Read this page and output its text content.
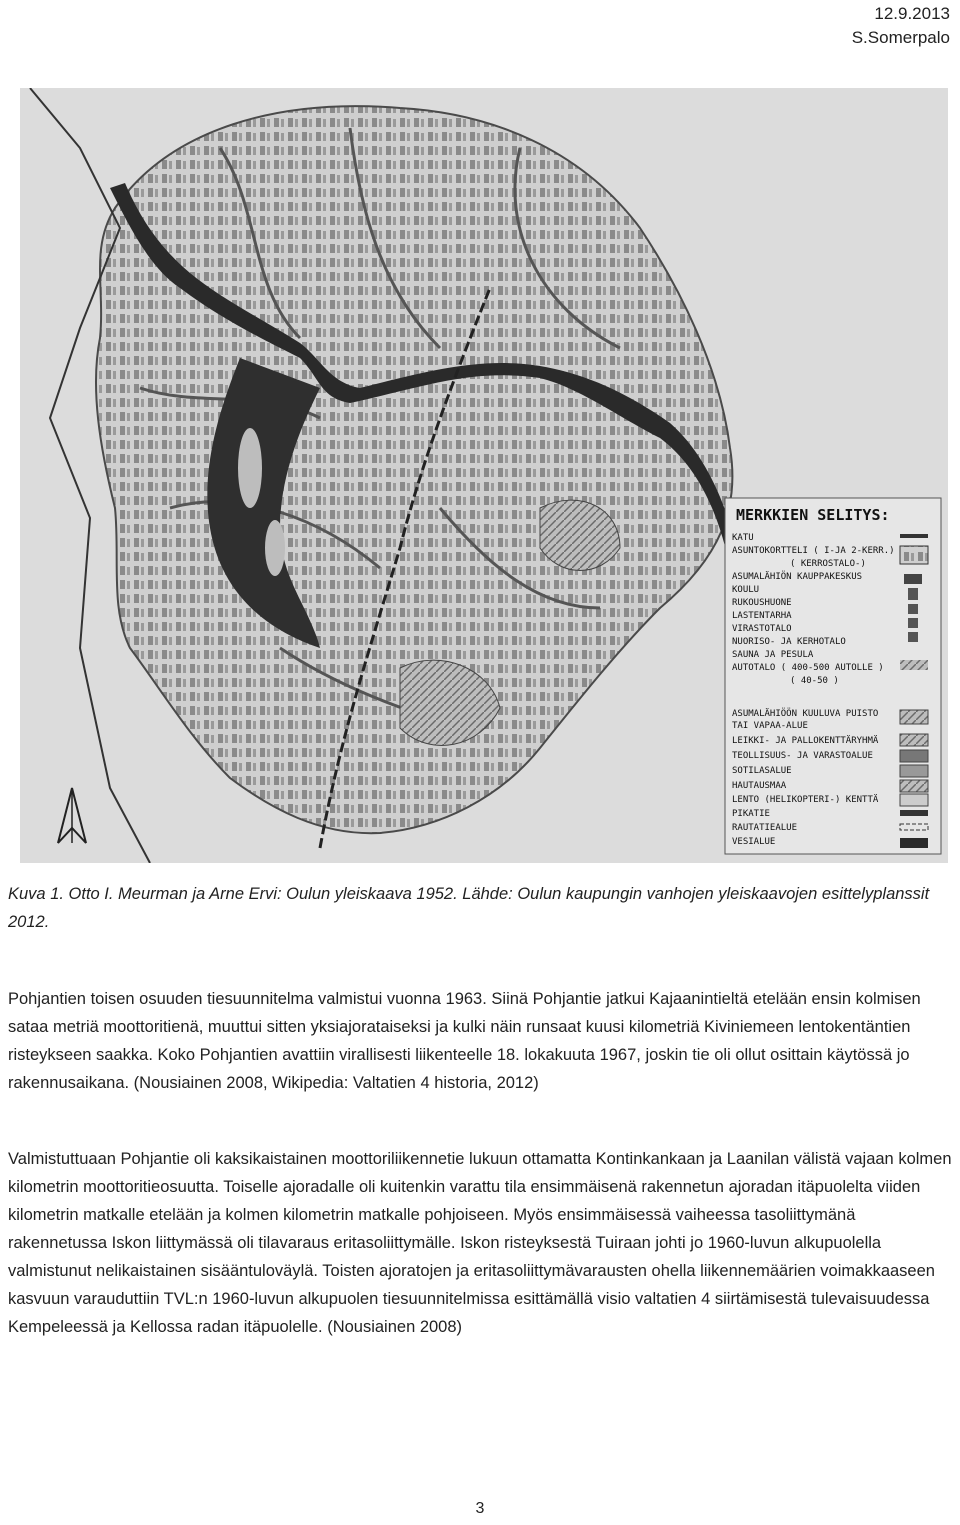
12.9.2013
S.Somerpalo
MERKKIEN SELITYS:
KATU
ASUNTOKORTTELI ( I-JA 2-KERR.)
( KERROSTALO-)
ASUMALÄHIÖN KAUPPAKESKUS
KOULU
RUKOUSHUONE
LASTENTARHA
VIRASTOTALO
NUORISO- JA KERHOTALO
SAUNA JA PESULA
AUTOTALO ( 400-500 AUTOLLE )
( 40-50 )
ASUMALÄHIÖÖN KUULUVA PUISTO
TAI VAPAA-ALUE
LEIKKI- JA PALLOKENTTÄRYHMÄ
TEOLLISUUS- JA VARASTOALUE
SOTILASALUE
HAUTAUSMAA
LENTO (HELIKOPTERI-) KENTTÄ
PIKATIE
RAUTATIEALUE
VESIALUE
Kuva 1. Otto I. Meurman ja Arne Ervi: Oulun yleiskaava 1952. Lähde: Oulun kaupungin vanhojen yleiskaavojen esittelyplanssit 2012.
Pohjantien toisen osuuden tiesuunnitelma valmistui vuonna 1963. Siinä Pohjantie jatkui Kajaanintieltä etelään ensin kolmisen sataa metriä moottoritienä, muuttui sitten yksiajorataiseksi ja kulki näin runsaat kuusi kilometriä Kiviniemeen lentokentäntien risteykseen saakka. Koko Pohjantien avattiin virallisesti liikenteelle 18. lokakuuta 1967, joskin tie oli ollut osittain käytössä jo rakennusaikana. (Nousiainen 2008, Wikipedia: Valtatien 4 historia, 2012)
Valmistuttuaan Pohjantie oli kaksikaistainen moottoriliikennetie lukuun ottamatta Kontinkankaan ja Laanilan välistä vajaan kolmen kilometrin moottoritieosuutta. Toiselle ajoradalle oli kuitenkin varattu tila ensimmäisenä rakennetun ajoradan itäpuolelta viiden kilometrin matkalle etelään ja kolmen kilometrin matkalle pohjoiseen. Myös ensimmäisessä vaiheessa tasoliittymänä rakennetussa Iskon liittymässä oli tilavaraus eritasoliittymälle. Iskon risteyksestä Tuiraan johti jo 1960-luvun alkupuolella valmistunut nelikaistainen sisääntuloväylä. Toisten ajoratojen ja eritasoliittymävarausten ohella liikennemäärien voimakkaaseen kasvuun varauduttiin TVL:n 1960-luvun alkupuolen tiesuunnitelmissa esittämällä visio valtatien 4 siirtämisestä tulevaisuudessa Kempeleessä ja Kellossa radan itäpuolelle. (Nousiainen 2008)
3
